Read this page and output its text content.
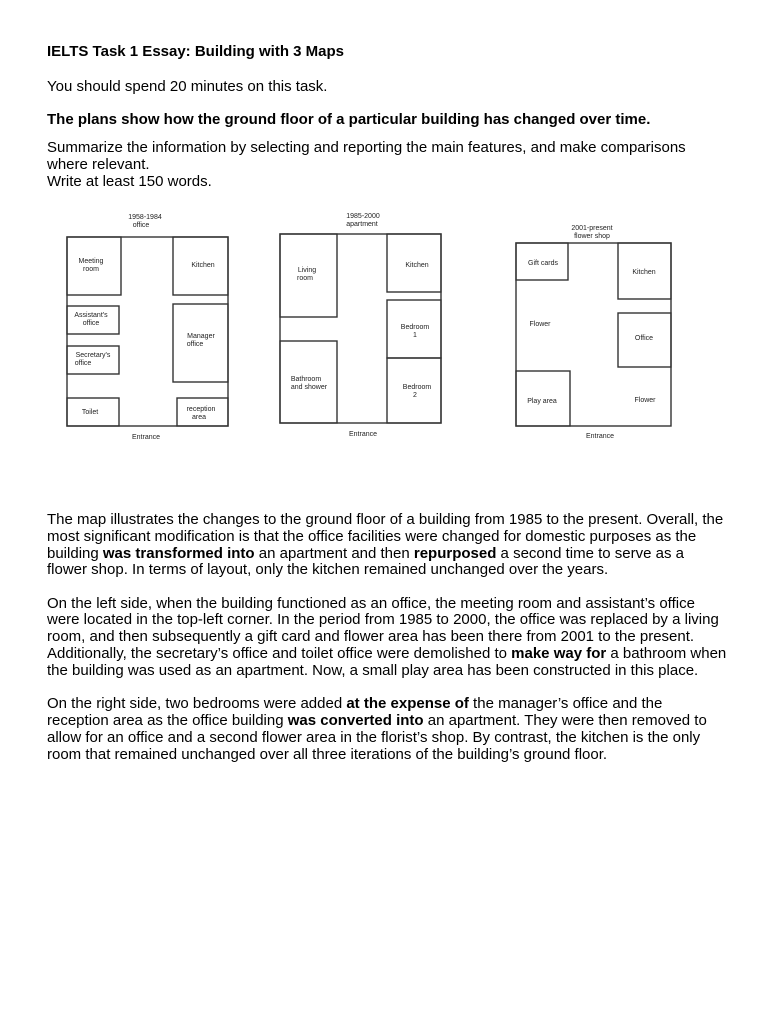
IELTS Task 1 Essay: Building with 3 Maps

You should spend 20 minutes on this task.

The plans show how the ground floor of a particular building has changed over time.

Summarize the information by selecting and reporting the main features, and make comparisons where relevant.
Write at least 150 words.
1958-1984
office
Meeting
room
Kitchen
Assistant's
office
Manager
office
Secretary's
office
Toilet	reception
area
Entrance
1985-2000
apartment
Living
room
Kitchen
Bedroom
1
Bathroom
and shower	Bedroom
2
Entrance
2001-present
flower shop
Gift cards
Kitchen
Flower
Office
Play area	Flower
Entrance

The map illustrates the changes to the ground floor of a building from 1985 to the present. Overall, the most significant modification is that the office facilities were changed for domestic purposes as the building was transformed into an apartment and then repurposed a second time to serve as a flower shop. In terms of layout, only the kitchen remained unchanged over the years.

On the left side, when the building functioned as an office, the meeting room and assistant’s office were located in the top-left corner. In the period from 1985 to 2000, the office was replaced by a living room, and then subsequently a gift card and flower area has been there from 2001 to the present. Additionally, the secretary’s office and toilet office were demolished to make way for a bathroom when the building was used as an apartment. Now, a small play area has been constructed in this place.

On the right side, two bedrooms were added at the expense of the manager’s office and the reception area as the office building was converted into an apartment. They were then removed to allow for an office and a second flower area in the florist’s shop. By contrast, the kitchen is the only room that remained unchanged over all three iterations of the building’s ground floor.
